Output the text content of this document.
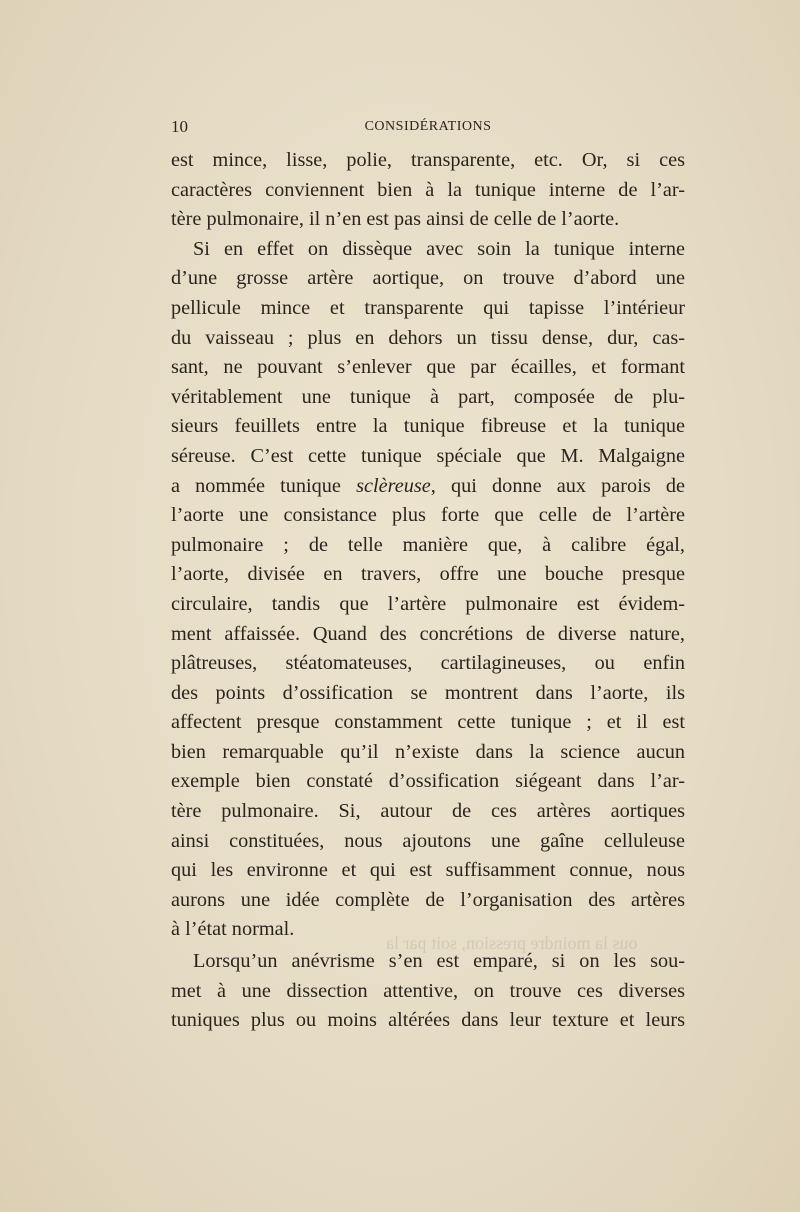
10	CONSIDÉRATIONS
est mince, lisse, polie, transparente, etc. Or, si ces
caractères conviennent bien à la tunique interne de l’ar-
tère pulmonaire, il n’en est pas ainsi de celle de l’aorte.
Si en effet on dissèque avec soin la tunique interne
d’une grosse artère aortique, on trouve d’abord une
pellicule mince et transparente qui tapisse l’intérieur
du vaisseau ; plus en dehors un tissu dense, dur, cas-
sant, ne pouvant s’enlever que par écailles, et formant
véritablement une tunique à part, composée de plu-
sieurs feuillets entre la tunique fibreuse et la tunique
séreuse. C’est cette tunique spéciale que M. Malgaigne
a nommée tunique sclèreuse, qui donne aux parois de
l’aorte une consistance plus forte que celle de l’artère
pulmonaire ; de telle manière que, à calibre égal,
l’aorte, divisée en travers, offre une bouche presque
circulaire, tandis que l’artère pulmonaire est évidem-
ment affaissée. Quand des concrétions de diverse nature,
plâtreuses, stéatomateuses, cartilagineuses, ou enfin
des points d’ossification se montrent dans l’aorte, ils
affectent presque constamment cette tunique ; et il est
bien remarquable qu’il n’existe dans la science aucun
exemple bien constaté d’ossification siégeant dans l’ar-
tère pulmonaire. Si, autour de ces artères aortiques
ainsi constituées, nous ajoutons une gaîne celluleuse
qui les environne et qui est suffisamment connue, nous
aurons une idée complète de l’organisation des artères
à l’état normal.
Lorsqu’un anévrisme s’en est emparé, si on les sou-
met à une dissection attentive, on trouve ces diverses
tuniques plus ou moins altérées dans leur texture et leurs
ous la moindre pression, soit par la
